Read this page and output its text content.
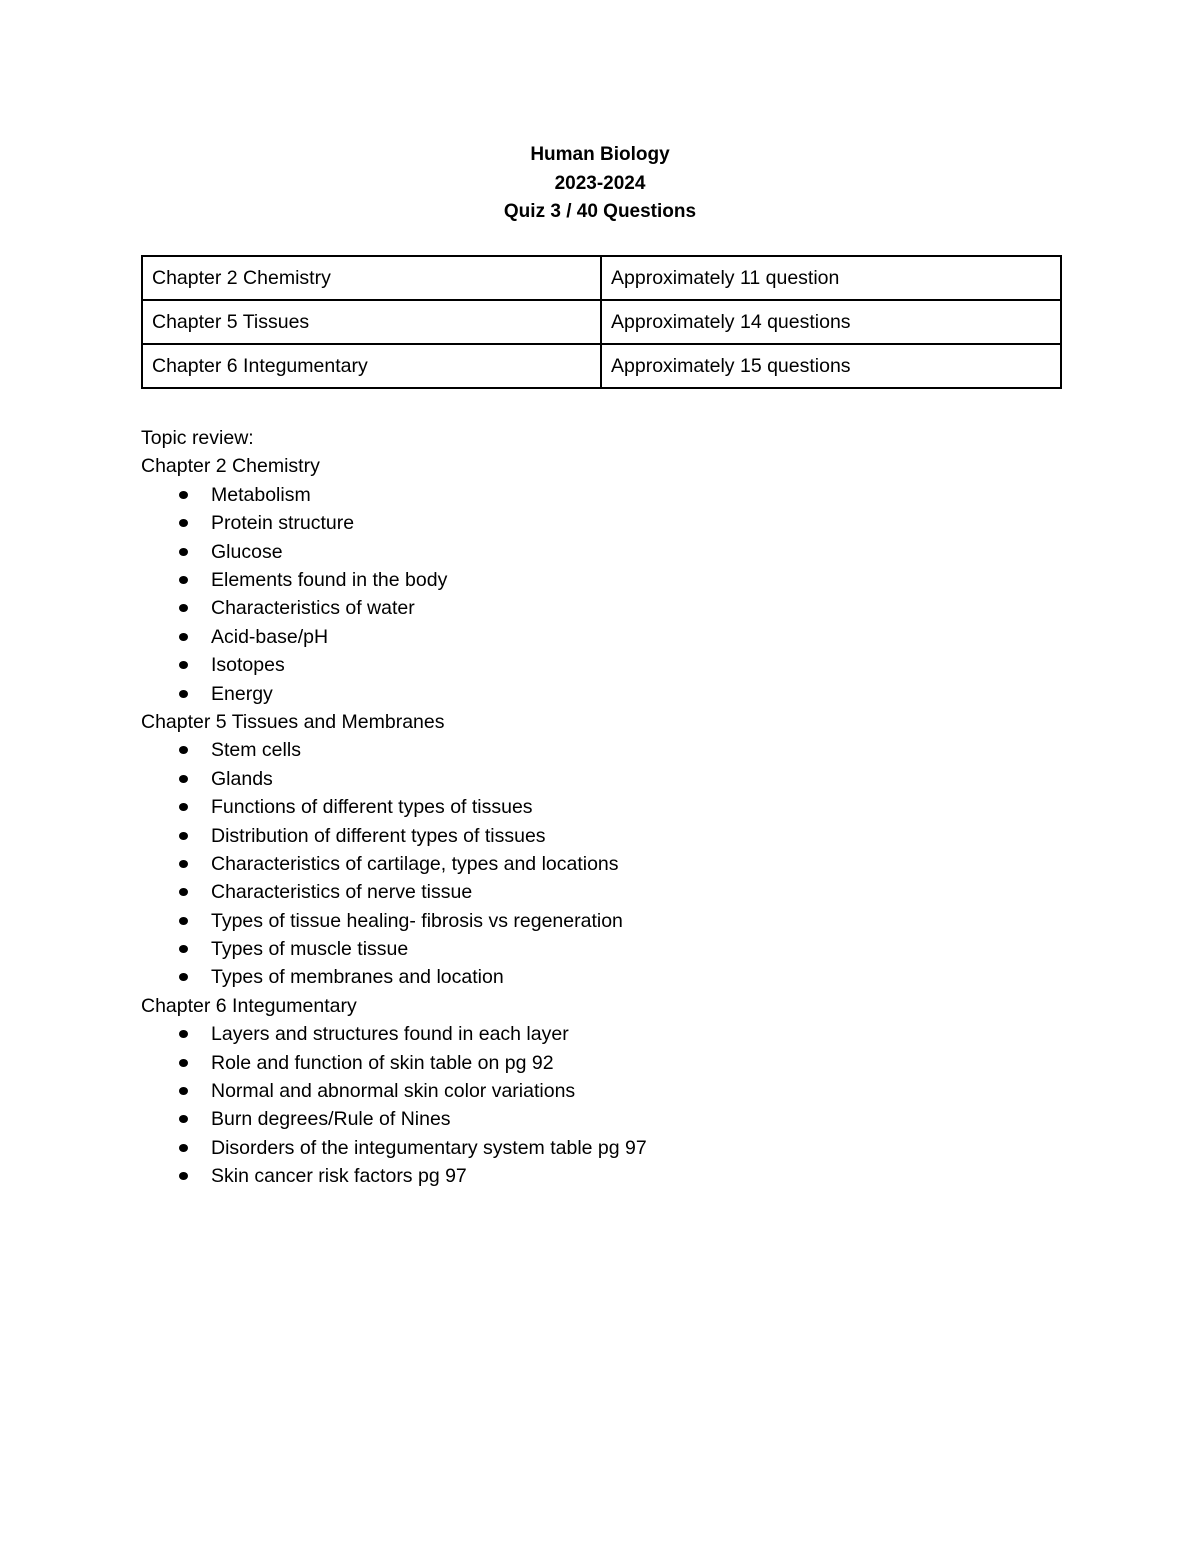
Human Biology
2023-2024
Quiz 3 / 40 Questions
Chapter 2 Chemistry	Approximately 11 question
Chapter 5 Tissues	Approximately 14 questions
Chapter 6 Integumentary	Approximately 15 questions
Topic review:
Chapter 2 Chemistry
Metabolism
Protein structure
Glucose
Elements found in the body
Characteristics of water
Acid-base/pH
Isotopes
Energy
Chapter 5 Tissues and Membranes
Stem cells
Glands
Functions of different types of tissues
Distribution of different types of tissues
Characteristics of cartilage, types and locations
Characteristics of nerve tissue
Types of tissue healing- fibrosis vs regeneration
Types of muscle tissue
Types of membranes and location
Chapter 6 Integumentary
Layers and structures found in each layer
Role and function of skin table on pg 92
Normal and abnormal skin color variations
Burn degrees/Rule of Nines
Disorders of the integumentary system table pg 97
Skin cancer risk factors pg 97
